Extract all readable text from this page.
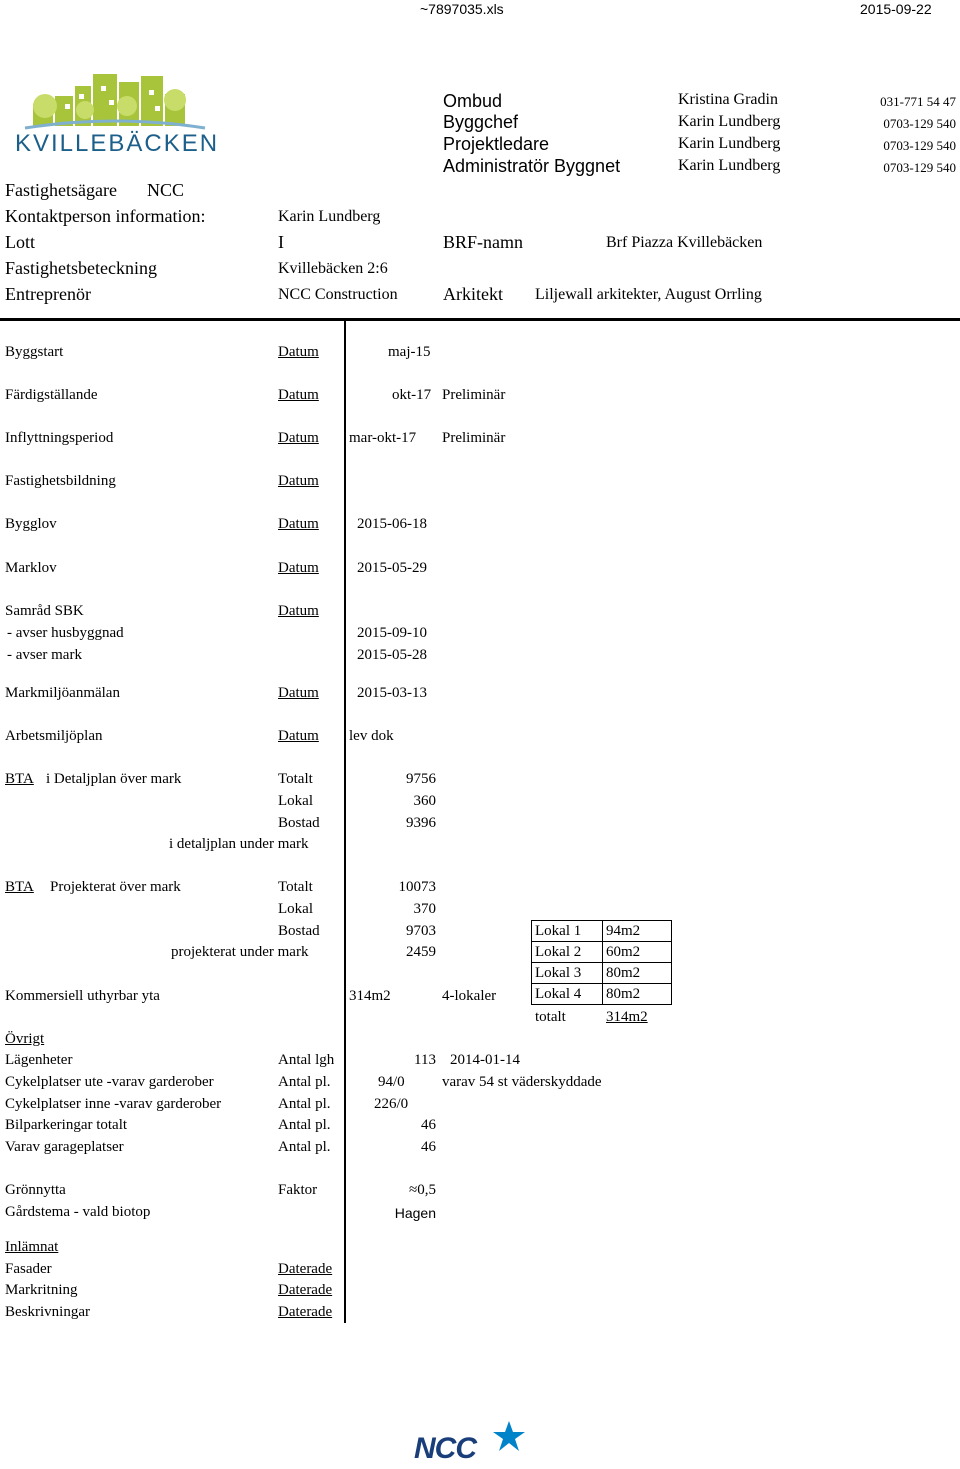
~7897035.xls	2015-09-22
KVILLEBÄCKEN
Ombud	Kristina Gradin	031-771 54 47
Byggchef	Karin Lundberg	0703-129 540
Projektledare	Karin Lundberg	0703-129 540
Administratör Byggnet	Karin Lundberg	0703-129 540
Fastighetsägare NCC
Kontaktperson information:	Karin Lundberg
Lott	I	BRF-namn	Brf Piazza Kvillebäcken
Fastighetsbeteckning	Kvillebäcken 2:6
Entreprenör	NCC Construction	Arkitekt Liljewall arkitekter, August Orrling
Byggstart	Datum	maj-15
Färdigställande	Datum	okt-17 Preliminär
Inflyttningsperiod	Datum mar-okt-17 Preliminär
Fastighetsbildning	Datum
Bygglov	Datum	2015-06-18
Marklov	Datum	2015-05-29
Samråd SBK	Datum
- avser husbyggnad	2015-09-10
- avser mark	2015-05-28
Markmiljöanmälan	Datum	2015-03-13
Arbetsmiljöplan	Datum lev dok
BTA i Detaljplan över mark	Totalt	9756
Lokal	360
Bostad	9396
i detaljplan under mark
BTA Projekterat över mark	Totalt	10073
Lokal	370
Bostad	9703
projekterat under mark	2459
Lokal 1	94m2
Lokal 2	60m2
Lokal 3	80m2
Lokal 4	80m2
totalt	314m2
Kommersiell uthyrbar yta	314m2	4-lokaler
Övrigt
Lägenheter	Antal lgh	113 2014-01-14
Cykelplatser ute -varav garderober	Antal pl.	94/0 varav 54 st väderskyddade
Cykelplatser inne -varav garderober	Antal pl.	226/0
Bilparkeringar totalt	Antal pl.	46
Varav garageplatser	Antal pl.	46
Grönnytta	Faktor	≈0,5
Gårdstema - vald biotop	Hagen
Inlämnat
Fasader	Daterade
Markritning	Daterade
Beskrivningar	Daterade
NCC
